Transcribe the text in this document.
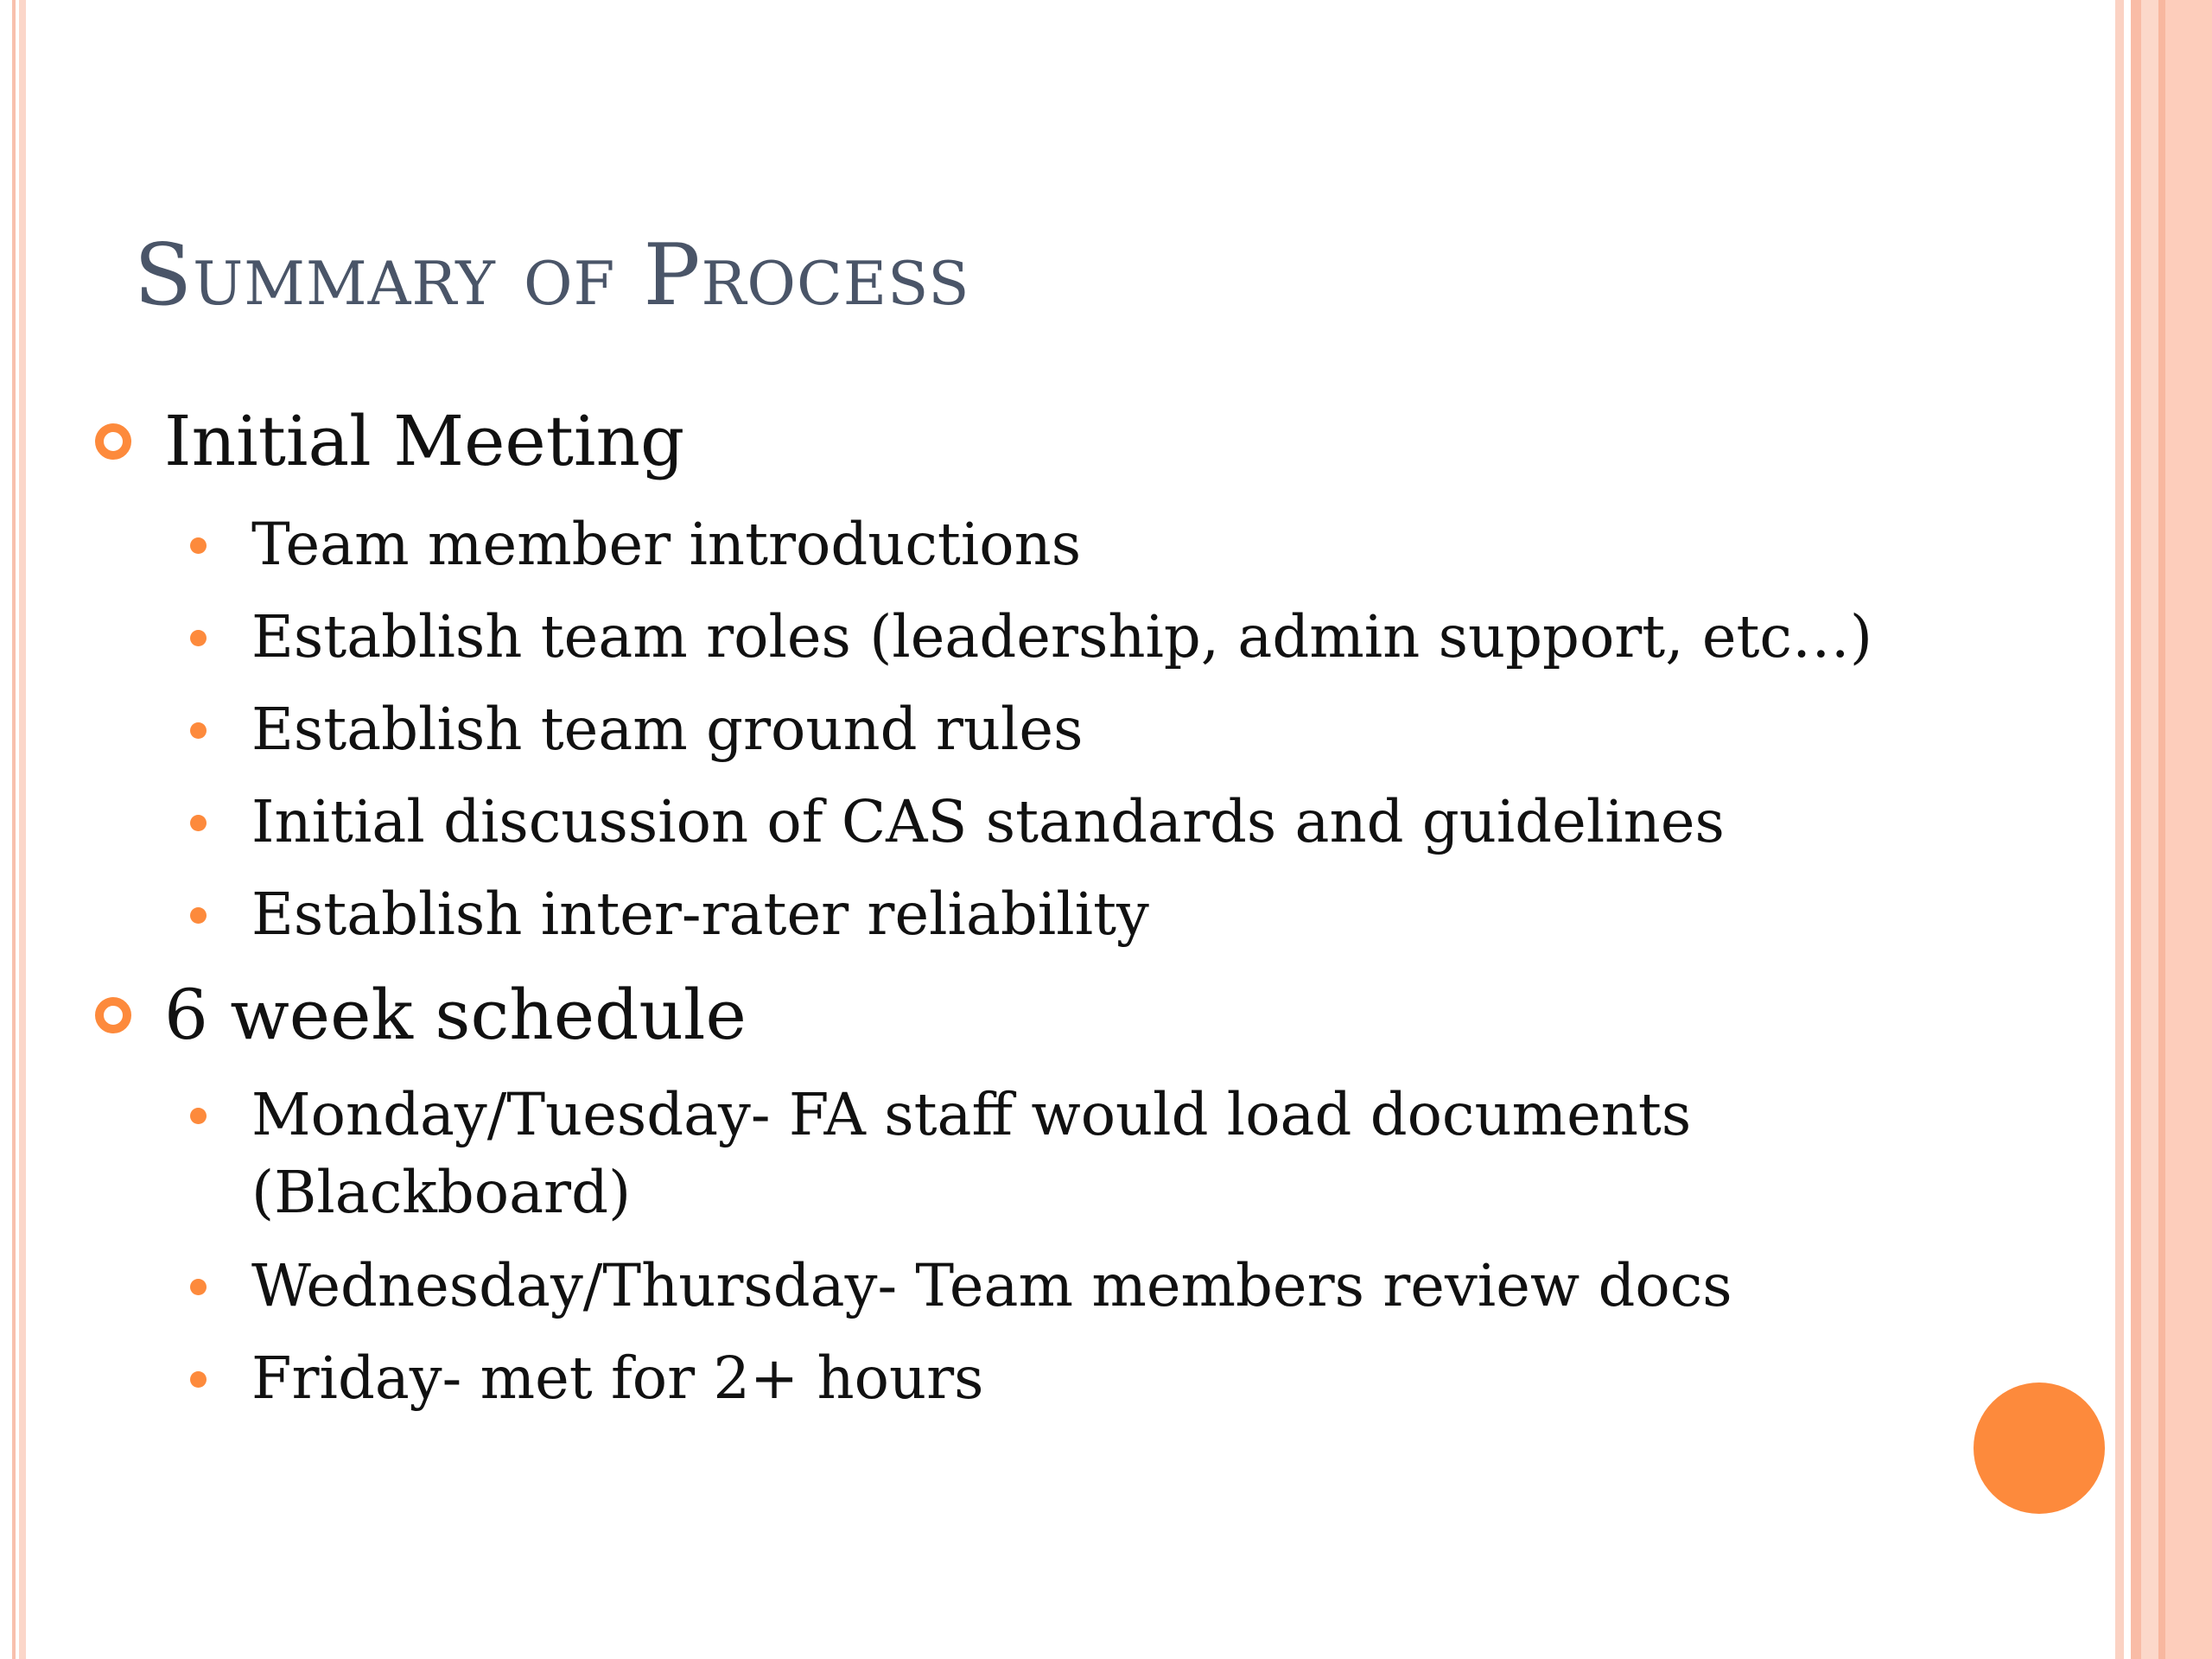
Summary of Process
Initial Meeting
Team member introductions
Establish team roles (leadership, admin support, etc…)
Establish team ground rules
Initial discussion of CAS standards and guidelines
Establish inter-rater reliability
6 week schedule
Monday/Tuesday- FA staff would load documents
(Blackboard)
Wednesday/Thursday- Team members review docs
Friday- met for 2+ hours
